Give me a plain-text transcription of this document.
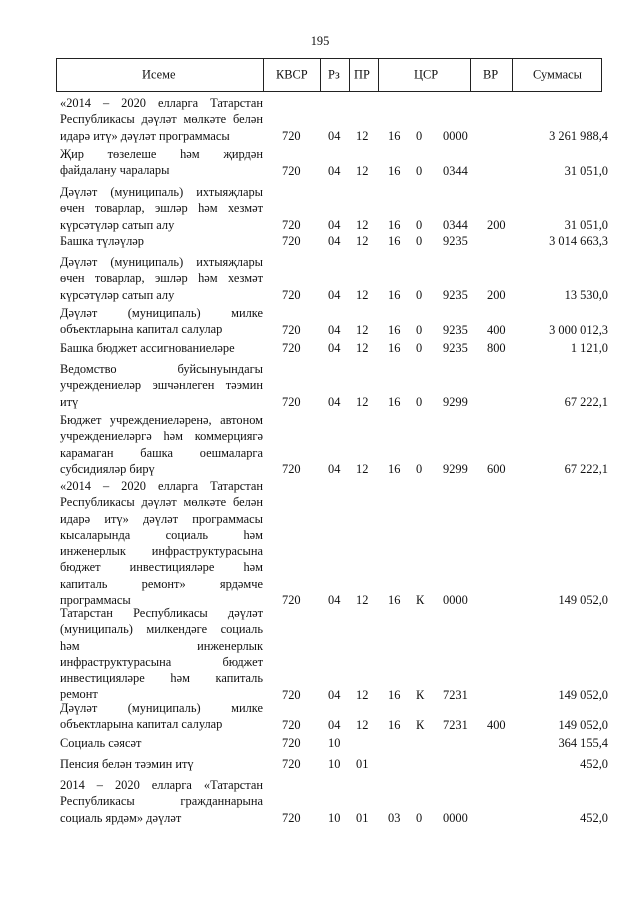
195
Исеме	КВСР Рз ПР	ЦСР	ВР	Суммасы
«2014 – 2020 елларга Татарстан
Республикасы дәүләт мөлкәте белән
идарә итү» дәүләт программасы	720 04 12 16 0 0000	3 261 988,4
Җир төзелеше һәм җирдән
файдалану чаралары	720 04 12 16 0 0344	31 051,0
Дәүләт (муниципаль) ихтыяҗлары
өчен товарлар, эшләр һәм хезмәт
күрсәтүләр сатып алу	720 04 12 16 0 0344 200	31 051,0
Башка түләүләр	720 04 12 16 0 9235	3 014 663,3
Дәүләт (муниципаль) ихтыяҗлары
өчен товарлар, эшләр һәм хезмәт
күрсәтүләр сатып алу	720 04 12 16 0 9235 200	13 530,0
Дәүләт (муниципаль) милке
объектларына капитал салулар	720 04 12 16 0 9235 400	3 000 012,3
Башка бюджет ассигнованиеләре	720 04 12 16 0 9235 800	1 121,0
Ведомство буйсынуындагы
учреждениеләр эшчәнлеген тәэмин
итү	720 04 12 16 0 9299	67 222,1
Бюджет учреждениеләренә, автоном
учреждениеләргә һәм коммерциягә
карамаган башка оешмаларга
субсидияләр бирү	720 04 12 16 0 9299 600	67 222,1
«2014 – 2020 елларга Татарстан
Республикасы дәүләт мөлкәте белән
идарә итү» дәүләт программасы
кысаларында социаль һәм
инженерлык инфраструктурасына
бюджет инвестицияләре һәм
капиталь ремонт» ярдәмче
программасы	720 04 12 16 К 0000	149 052,0
Татарстан Республикасы дәүләт
(муниципаль) милкендәге социаль
һәм инженерлык
инфраструктурасына бюджет
инвестицияләре һәм капиталь
ремонт	720 04 12 16 К 7231	149 052,0
Дәүләт (муниципаль) милке
объектларына капитал салулар	720 04 12 16 К 7231 400	149 052,0
Социаль сәясәт	720 10	364 155,4
Пенсия белән тәэмин итү	720 10 01	452,0
2014 – 2020 елларга «Татарстан
Республикасы гражданнарына
социаль ярдәм» дәүләт	720 10 01 03 0 0000	452,0
